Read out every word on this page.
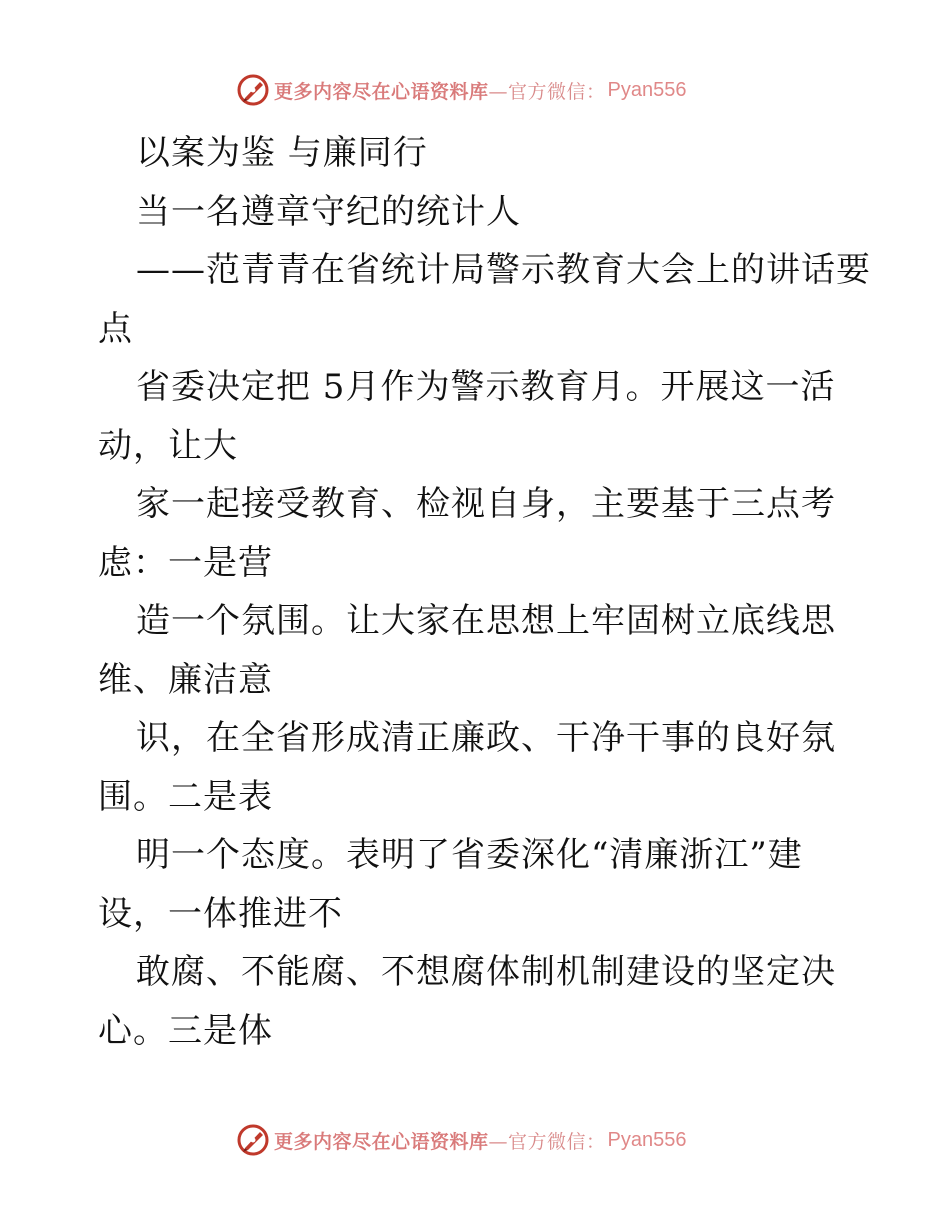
更多内容尽在心语资料库 —官方微信： Pyan556
以案为鉴 与廉同行
当一名遵章守纪的统计人
——范青青在省统计局警示教育大会上的讲话要
点
省委决定把 5月作为警示教育月。开展这一活
动，让大
家一起接受教育、检视自身，主要基于三点考
虑：一是营
造一个氛围。让大家在思想上牢固树立底线思
维、廉洁意
识，在全省形成清正廉政、干净干事的良好氛
围。二是表
明一个态度。表明了省委深化“清廉浙江”建
设，一体推进不
敢腐、不能腐、不想腐体制机制建设的坚定决
心。三是体
更多内容尽在心语资料库 —官方微信： Pyan556
